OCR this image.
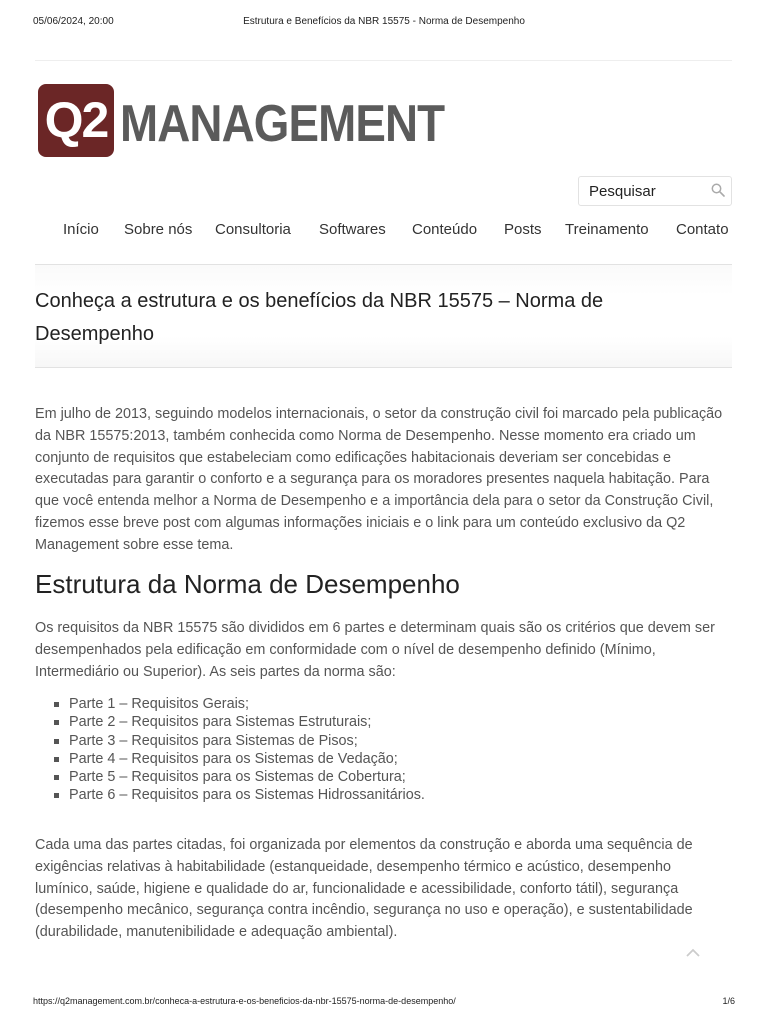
05/06/2024, 20:00	Estrutura e Benefícios da NBR 15575 - Norma de Desempenho
Q2 MANAGEMENT
Pesquisar
Início Sobre nós Consultoria Softwares Conteúdo Posts Treinamento Contato
Conheça a estrutura e os benefícios da NBR 15575 – Norma de Desempenho

Em julho de 2013, seguindo modelos internacionais, o setor da construção civil foi marcado pela publicação da NBR 15575:2013, também conhecida como Norma de Desempenho. Nesse momento era criado um conjunto de requisitos que estabeleciam como edificações habitacionais deveriam ser concebidas e executadas para garantir o conforto e a segurança para os moradores presentes naquela habitação. Para que você entenda melhor a Norma de Desempenho e a importância dela para o setor da Construção Civil, fizemos esse breve post com algumas informações iniciais e o link para um conteúdo exclusivo da Q2 Management sobre esse tema.

Estrutura da Norma de Desempenho

Os requisitos da NBR 15575 são divididos em 6 partes e determinam quais são os critérios que devem ser desempenhados pela edificação em conformidade com o nível de desempenho definido (Mínimo, Intermediário ou Superior). As seis partes da norma são:

Parte 1 – Requisitos Gerais;
Parte 2 – Requisitos para Sistemas Estruturais;
Parte 3 – Requisitos para Sistemas de Pisos;
Parte 4 – Requisitos para os Sistemas de Vedação;
Parte 5 – Requisitos para os Sistemas de Cobertura;
Parte 6 – Requisitos para os Sistemas Hidrossanitários.

Cada uma das partes citadas, foi organizada por elementos da construção e aborda uma sequência de exigências relativas à habitabilidade (estanqueidade, desempenho térmico e acústico, desempenho lumínico, saúde, higiene e qualidade do ar, funcionalidade e acessibilidade, conforto tátil), segurança (desempenho mecânico, segurança contra incêndio, segurança no uso e operação), e sustentabilidade (durabilidade, manutenibilidade e adequação ambiental).

https://q2management.com.br/conheca-a-estrutura-e-os-beneficios-da-nbr-15575-norma-de-desempenho/	1/6
